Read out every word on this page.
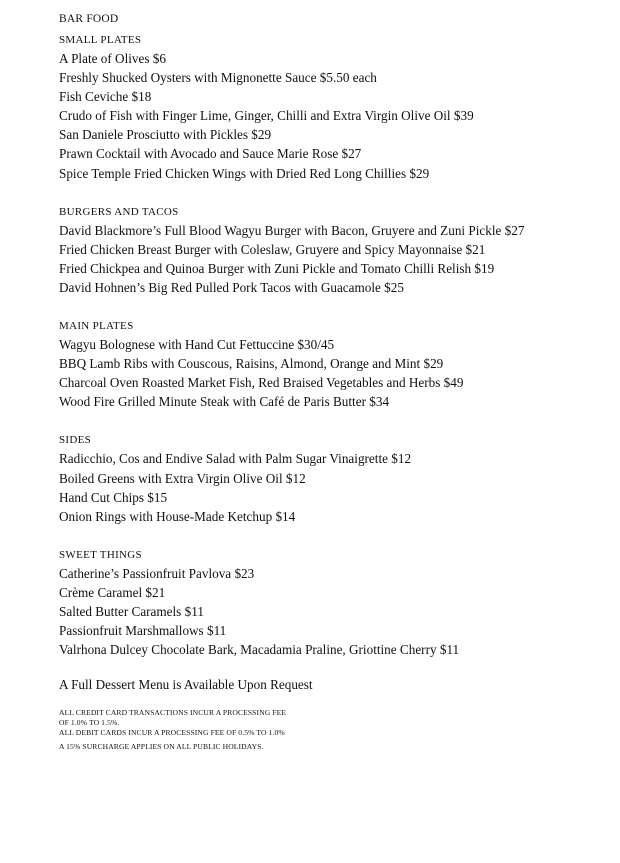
BAR FOOD
SMALL PLATES
A Plate of Olives $6
Freshly Shucked Oysters with Mignonette Sauce $5.50 each
Fish Ceviche $18
Crudo of Fish with Finger Lime, Ginger, Chilli and Extra Virgin Olive Oil $39
San Daniele Prosciutto with Pickles $29
Prawn Cocktail with Avocado and Sauce Marie Rose $27
Spice Temple Fried Chicken Wings with Dried Red Long Chillies $29
BURGERS AND TACOS
David Blackmore’s Full Blood Wagyu Burger with Bacon, Gruyere and Zuni Pickle $27
Fried Chicken Breast Burger with Coleslaw, Gruyere and Spicy Mayonnaise $21
Fried Chickpea and Quinoa Burger with Zuni Pickle and Tomato Chilli Relish $19
David Hohnen’s Big Red Pulled Pork Tacos with Guacamole $25
MAIN PLATES
Wagyu Bolognese with Hand Cut Fettuccine $30/45
BBQ Lamb Ribs with Couscous, Raisins, Almond, Orange and Mint $29
Charcoal Oven Roasted Market Fish, Red Braised Vegetables and Herbs $49
Wood Fire Grilled Minute Steak with Café de Paris Butter $34
SIDES
Radicchio, Cos and Endive Salad with Palm Sugar Vinaigrette $12
Boiled Greens with Extra Virgin Olive Oil $12
Hand Cut Chips $15
Onion Rings with House-Made Ketchup $14
SWEET THINGS
Catherine’s Passionfruit Pavlova $23
Crème Caramel $21
Salted Butter Caramels $11
Passionfruit Marshmallows $11
Valrhona Dulcey Chocolate Bark, Macadamia Praline, Griottine Cherry $11
A Full Dessert Menu is Available Upon Request
ALL CREDIT CARD TRANSACTIONS INCUR A PROCESSING FEE
OF 1.0% TO 1.5%.
ALL DEBIT CARDS INCUR A PROCESSING FEE OF 0.5% TO 1.0%
A 15% SURCHARGE APPLIES ON ALL PUBLIC HOLIDAYS.
